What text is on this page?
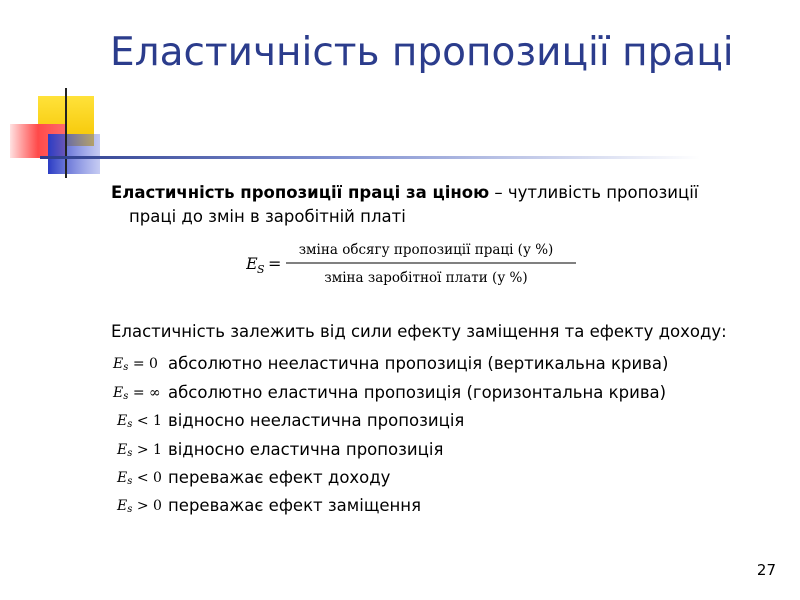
Еластичність пропозиції праці
Еластичність пропозиції праці за ціною – чутливість пропозиції
праці до змін в заробітній платі
E S =
зміна обсягу пропозиції праці (у %)
зміна заробітної плати (у %)
Еластичність залежить від сили ефекту заміщення та ефекту доходу:
$E_s = 0$ абсолютно нееластична пропозиція (вертикальна крива)
$E_s$ = ∞ абсолютно еластична пропозиція (горизонтальна крива)
$E_s < 1$ відносно нееластична пропозиція
$E_s > 1$ відносно еластична пропозиція
$E_s < 0$ переважає ефект доходу
$E_s > 0$ переважає ефект заміщення
27
